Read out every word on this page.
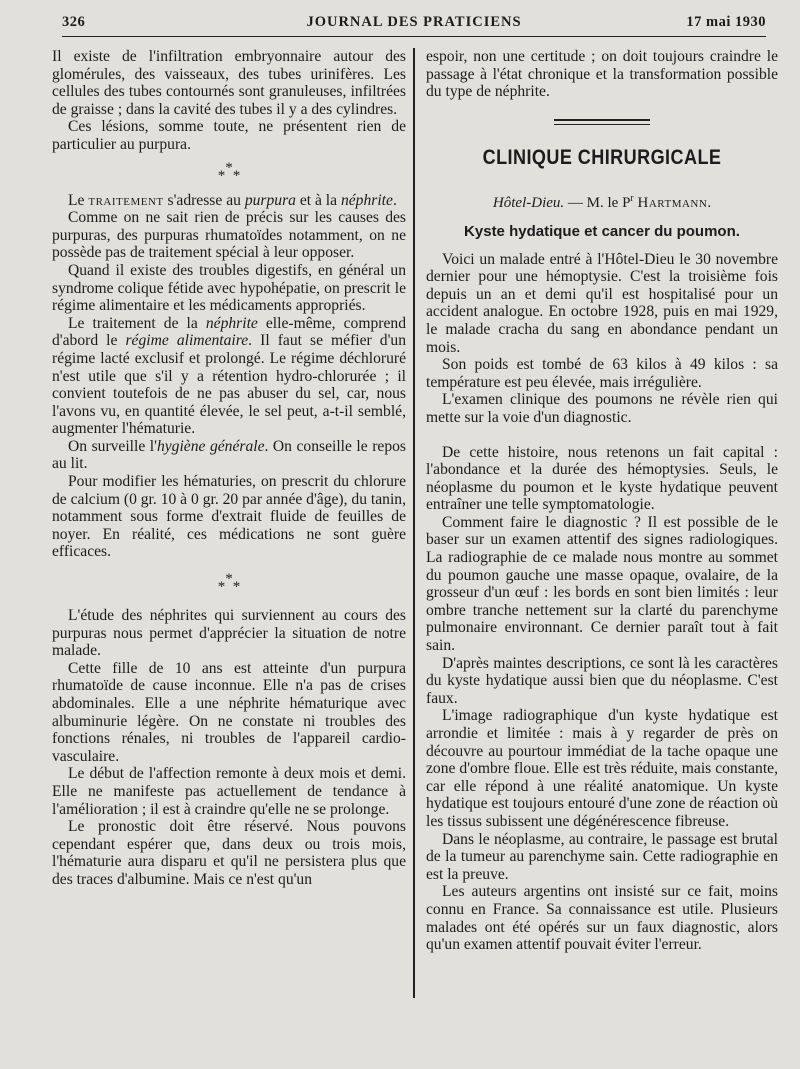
326	JOURNAL DES PRATICIENS	17 mai 1930

Il existe de l'infiltration embryonnaire autour des glomérules, des vaisseaux, des tubes urinifères. Les cellules des tubes contournés sont granuleuses, infiltrées de graisse ; dans la cavité des tubes il y a des cylindres.

Ces lésions, somme toute, ne présentent rien de particulier au purpura.

*
* *

Le traitement s'adresse au purpura et à la néphrite.

Comme on ne sait rien de précis sur les causes des purpuras, des purpuras rhumatoïdes notamment, on ne possède pas de traitement spécial à leur opposer.

Quand il existe des troubles digestifs, en général un syndrome colique fétide avec hypohépatie, on prescrit le régime alimentaire et les médicaments appropriés.

Le traitement de la néphrite elle-même, comprend d'abord le régime alimentaire. Il faut se méfier d'un régime lacté exclusif et prolongé. Le régime déchloruré n'est utile que s'il y a rétention hydro-chlorurée ; il convient toutefois de ne pas abuser du sel, car, nous l'avons vu, en quantité élevée, le sel peut, a-t-il semblé, augmenter l'hématurie.

On surveille l'hygiène générale. On conseille le repos au lit.

Pour modifier les hématuries, on prescrit du chlorure de calcium (0 gr. 10 à 0 gr. 20 par année d'âge), du tanin, notamment sous forme d'extrait fluide de feuilles de noyer. En réalité, ces médications ne sont guère efficaces.

*
* *

L'étude des néphrites qui surviennent au cours des purpuras nous permet d'apprécier la situation de notre malade.

Cette fille de 10 ans est atteinte d'un purpura rhumatoïde de cause inconnue. Elle n'a pas de crises abdominales. Elle a une néphrite hématurique avec albuminurie légère. On ne constate ni troubles des fonctions rénales, ni troubles de l'appareil cardio-vasculaire.

Le début de l'affection remonte à deux mois et demi. Elle ne manifeste pas actuellement de tendance à l'amélioration ; il est à craindre qu'elle ne se prolonge.

Le pronostic doit être réservé. Nous pouvons cependant espérer que, dans deux ou trois mois, l'hématurie aura disparu et qu'il ne persistera plus que des traces d'albumine. Mais ce n'est qu'un

espoir, non une certitude ; on doit toujours craindre le passage à l'état chronique et la transformation possible du type de néphrite.

CLINIQUE CHIRURGICALE
Hôtel-Dieu. — M. le $P^r$ Hartmann.
Kyste hydatique et cancer du poumon.

Voici un malade entré à l'Hôtel-Dieu le 30 novembre dernier pour une hémoptysie. C'est la troisième fois depuis un an et demi qu'il est hospitalisé pour un accident analogue. En octobre 1928, puis en mai 1929, le malade cracha du sang en abondance pendant un mois.

Son poids est tombé de 63 kilos à 49 kilos : sa température est peu élevée, mais irrégulière.

L'examen clinique des poumons ne révèle rien qui mette sur la voie d'un diagnostic.

De cette histoire, nous retenons un fait capital : l'abondance et la durée des hémoptysies. Seuls, le néoplasme du poumon et le kyste hydatique peuvent entraîner une telle symptomatologie.

Comment faire le diagnostic ? Il est possible de le baser sur un examen attentif des signes radiologiques. La radiographie de ce malade nous montre au sommet du poumon gauche une masse opaque, ovalaire, de la grosseur d'un œuf : les bords en sont bien limités : leur ombre tranche nettement sur la clarté du parenchyme pulmonaire environnant. Ce dernier paraît tout à fait sain.

D'après maintes descriptions, ce sont là les caractères du kyste hydatique aussi bien que du néoplasme. C'est faux.

L'image radiographique d'un kyste hydatique est arrondie et limitée : mais à y regarder de près on découvre au pourtour immédiat de la tache opaque une zone d'ombre floue. Elle est très réduite, mais constante, car elle répond à une réalité anatomique. Un kyste hydatique est toujours entouré d'une zone de réaction où les tissus subissent une dégénérescence fibreuse.

Dans le néoplasme, au contraire, le passage est brutal de la tumeur au parenchyme sain. Cette radiographie en est la preuve.

Les auteurs argentins ont insisté sur ce fait, moins connu en France. Sa connaissance est utile. Plusieurs malades ont été opérés sur un faux diagnostic, alors qu'un examen attentif pouvait éviter l'erreur.
